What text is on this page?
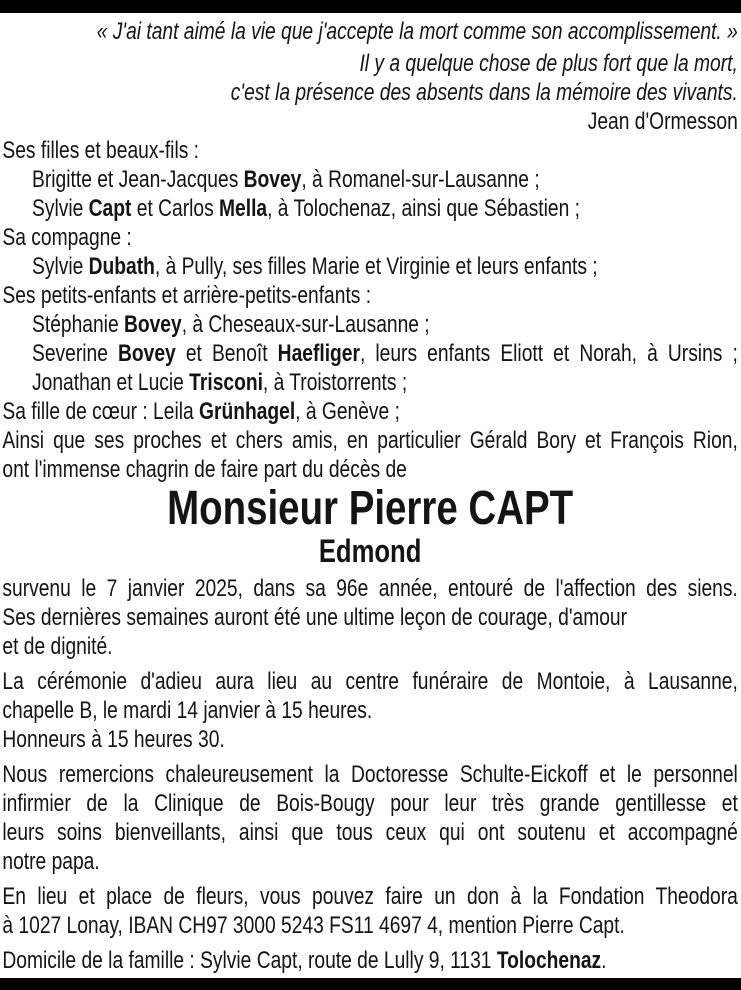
« J'ai tant aimé la vie que j'accepte la mort comme son accomplissement. »
Il y a quelque chose de plus fort que la mort,
c'est la présence des absents dans la mémoire des vivants.
Jean d'Ormesson
Ses filles et beaux-fils :
Brigitte et Jean-Jacques Bovey, à Romanel-sur-Lausanne ;
Sylvie Capt et Carlos Mella, à Tolochenaz, ainsi que Sébastien ;
Sa compagne :
Sylvie Dubath, à Pully, ses filles Marie et Virginie et leurs enfants ;
Ses petits-enfants et arrière-petits-enfants :
Stéphanie Bovey, à Cheseaux-sur-Lausanne ;
Severine Bovey et Benoît Haefliger, leurs enfants Eliott et Norah, à Ursins ;
Jonathan et Lucie Trisconi, à Troistorrents ;
Sa fille de cœur : Leila Grünhagel, à Genève ;
Ainsi que ses proches et chers amis, en particulier Gérald Bory et François Rion,
ont l'immense chagrin de faire part du décès de
Monsieur Pierre CAPT
Edmond
survenu le 7 janvier 2025, dans sa 96e année, entouré de l'affection des siens.
Ses dernières semaines auront été une ultime leçon de courage, d'amour
et de dignité.
La cérémonie d'adieu aura lieu au centre funéraire de Montoie, à Lausanne,
chapelle B, le mardi 14 janvier à 15 heures.
Honneurs à 15 heures 30.
Nous remercions chaleureusement la Doctoresse Schulte-Eickoff et le personnel
infirmier de la Clinique de Bois-Bougy pour leur très grande gentillesse et
leurs soins bienveillants, ainsi que tous ceux qui ont soutenu et accompagné
notre papa.
En lieu et place de fleurs, vous pouvez faire un don à la Fondation Theodora
à 1027 Lonay, IBAN CH97 3000 5243 FS11 4697 4, mention Pierre Capt.
Domicile de la famille : Sylvie Capt, route de Lully 9, 1131 Tolochenaz.
